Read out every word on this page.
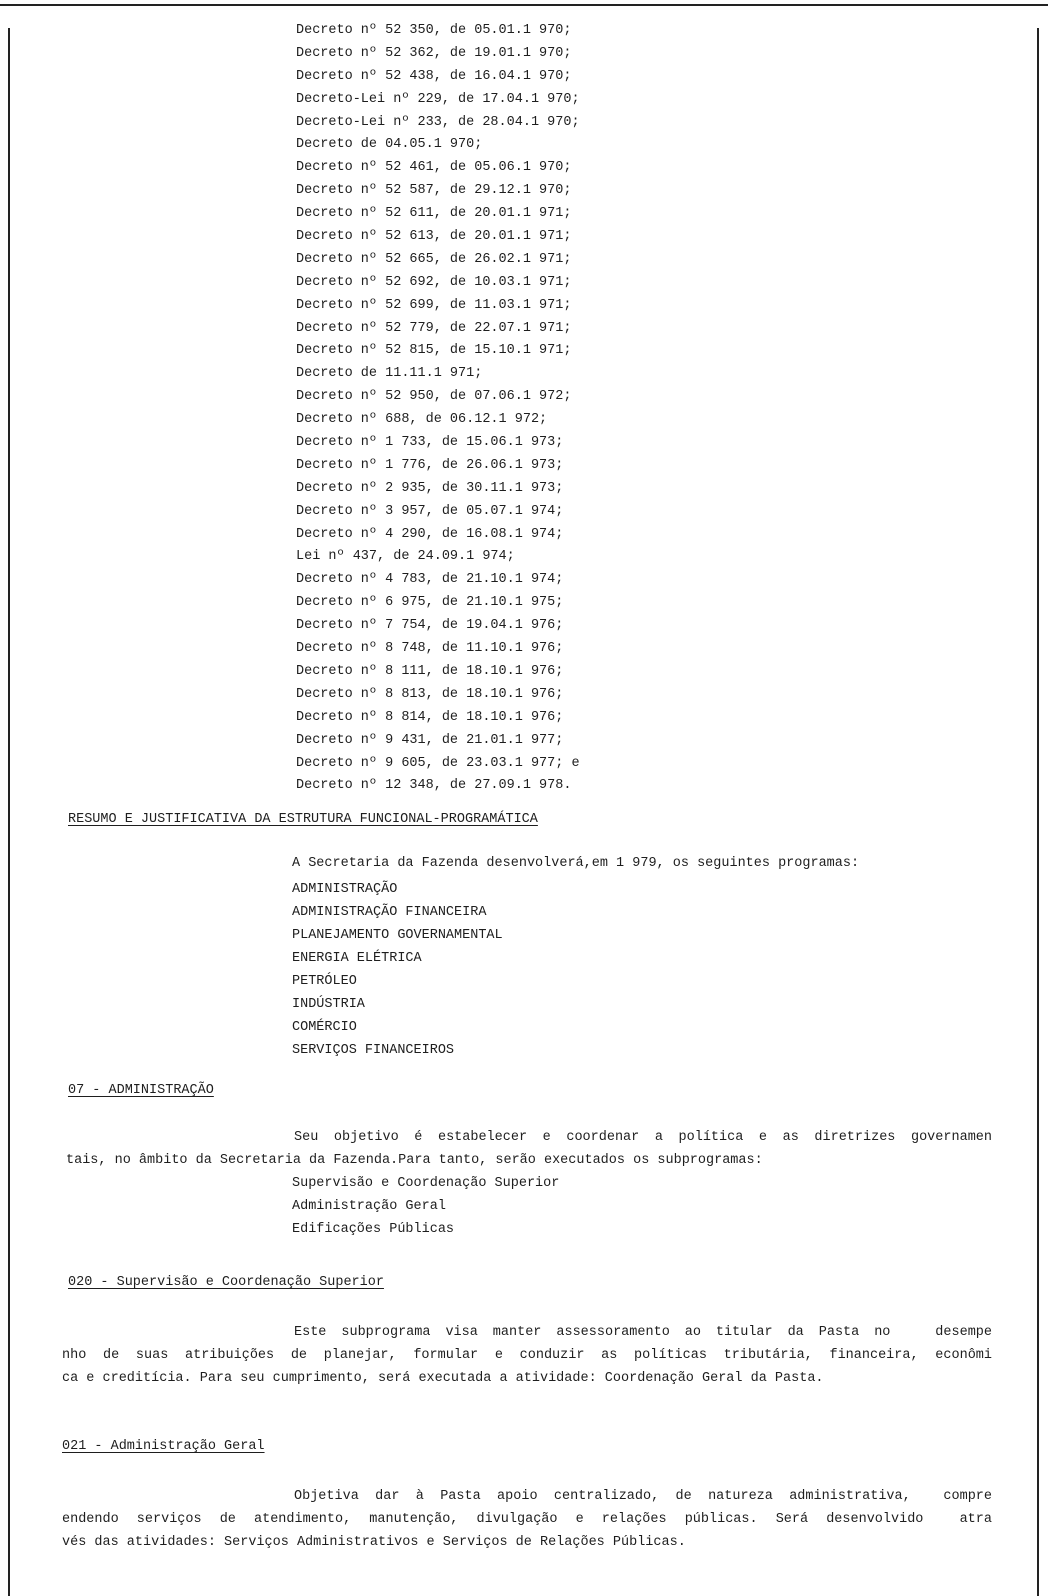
Decreto nº 52 350, de 05.01.1 970;
Decreto nº 52 362, de 19.01.1 970;
Decreto nº 52 438, de 16.04.1 970;
Decreto-Lei nº 229, de 17.04.1 970;
Decreto-Lei nº 233, de 28.04.1 970;
Decreto de 04.05.1 970;
Decreto nº 52 461, de 05.06.1 970;
Decreto nº 52 587, de 29.12.1 970;
Decreto nº 52 611, de 20.01.1 971;
Decreto nº 52 613, de 20.01.1 971;
Decreto nº 52 665, de 26.02.1 971;
Decreto nº 52 692, de 10.03.1 971;
Decreto nº 52 699, de 11.03.1 971;
Decreto nº 52 779, de 22.07.1 971;
Decreto nº 52 815, de 15.10.1 971;
Decreto de 11.11.1 971;
Decreto nº 52 950, de 07.06.1 972;
Decreto nº 688, de 06.12.1 972;
Decreto nº 1 733, de 15.06.1 973;
Decreto nº 1 776, de 26.06.1 973;
Decreto nº 2 935, de 30.11.1 973;
Decreto nº 3 957, de 05.07.1 974;
Decreto nº 4 290, de 16.08.1 974;
Lei nº 437, de 24.09.1 974;
Decreto nº 4 783, de 21.10.1 974;
Decreto nº 6 975, de 21.10.1 975;
Decreto nº 7 754, de 19.04.1 976;
Decreto nº 8 748, de 11.10.1 976;
Decreto nº 8 111, de 18.10.1 976;
Decreto nº 8 813, de 18.10.1 976;
Decreto nº 8 814, de 18.10.1 976;
Decreto nº 9 431, de 21.01.1 977;
Decreto nº 9 605, de 23.03.1 977; e
Decreto nº 12 348, de 27.09.1 978.
RESUMO E JUSTIFICATIVA DA ESTRUTURA FUNCIONAL-PROGRAMÁTICA
A Secretaria da Fazenda desenvolverá,em 1 979, os seguintes programas:
ADMINISTRAÇÃO
ADMINISTRAÇÃO FINANCEIRA
PLANEJAMENTO GOVERNAMENTAL
ENERGIA ELÉTRICA
PETRÓLEO
INDÚSTRIA
COMÉRCIO
SERVIÇOS FINANCEIROS
07 - ADMINISTRAÇÃO
Seu objetivo é estabelecer e coordenar a política e as diretrizes governamen
tais, no âmbito da Secretaria da Fazenda.Para tanto, serão executados os subprogramas:
Supervisão e Coordenação Superior
Administração Geral
Edificações Públicas
020 - Supervisão e Coordenação Superior
Este subprograma visa manter assessoramento ao titular da Pasta no   desempe
nho de suas atribuições de planejar, formular e conduzir as políticas tributária, financeira, econômi
ca e creditícia. Para seu cumprimento, será executada a atividade: Coordenação Geral da Pasta.
021 - Administração Geral
Objetiva dar à Pasta apoio centralizado, de natureza administrativa,  compre
endendo serviços de atendimento, manutenção, divulgação e relações públicas. Será desenvolvido  atra
vés das atividades: Serviços Administrativos e Serviços de Relações Públicas.
